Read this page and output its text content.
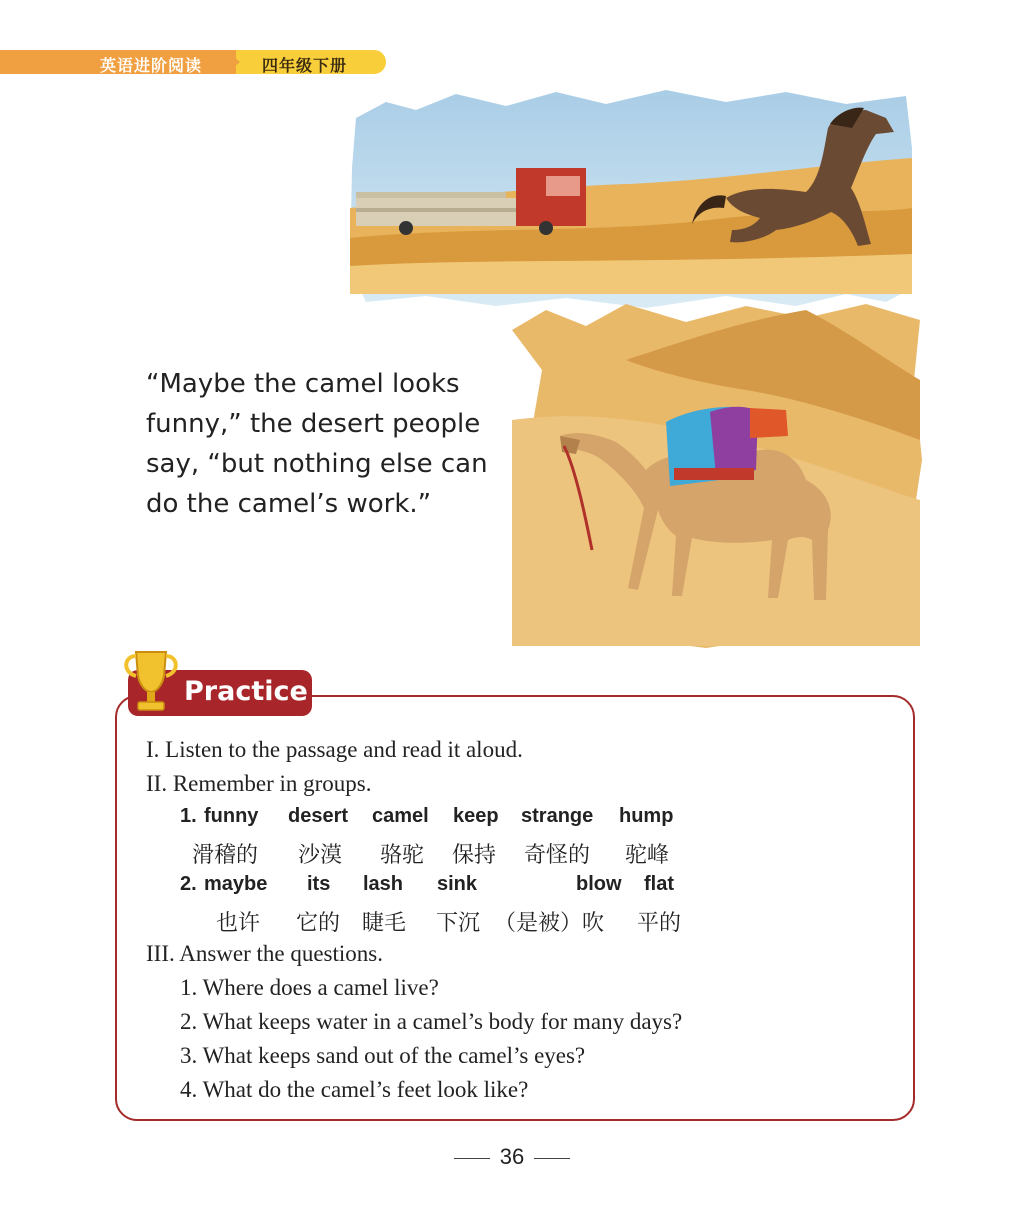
英语进阶阅读	四年级下册
“Maybe the camel looks funny,” the desert people say, “but nothing else can do the camel’s work.”
Practice
I. Listen to the passage and read it aloud.
II. Remember in groups.
1. funny desert camel keep strange hump
滑稽的 沙漠 骆驼 保持 奇怪的 驼峰
2. maybe its lash sink	blow flat
也许 它的 睫毛 下沉 （是被）吹 平的
III. Answer the questions.
1. Where does a camel live?
2. What keeps water in a camel’s body for many days?
3. What keeps sand out of the camel’s eyes?
4. What do the camel’s feet look like?
36
